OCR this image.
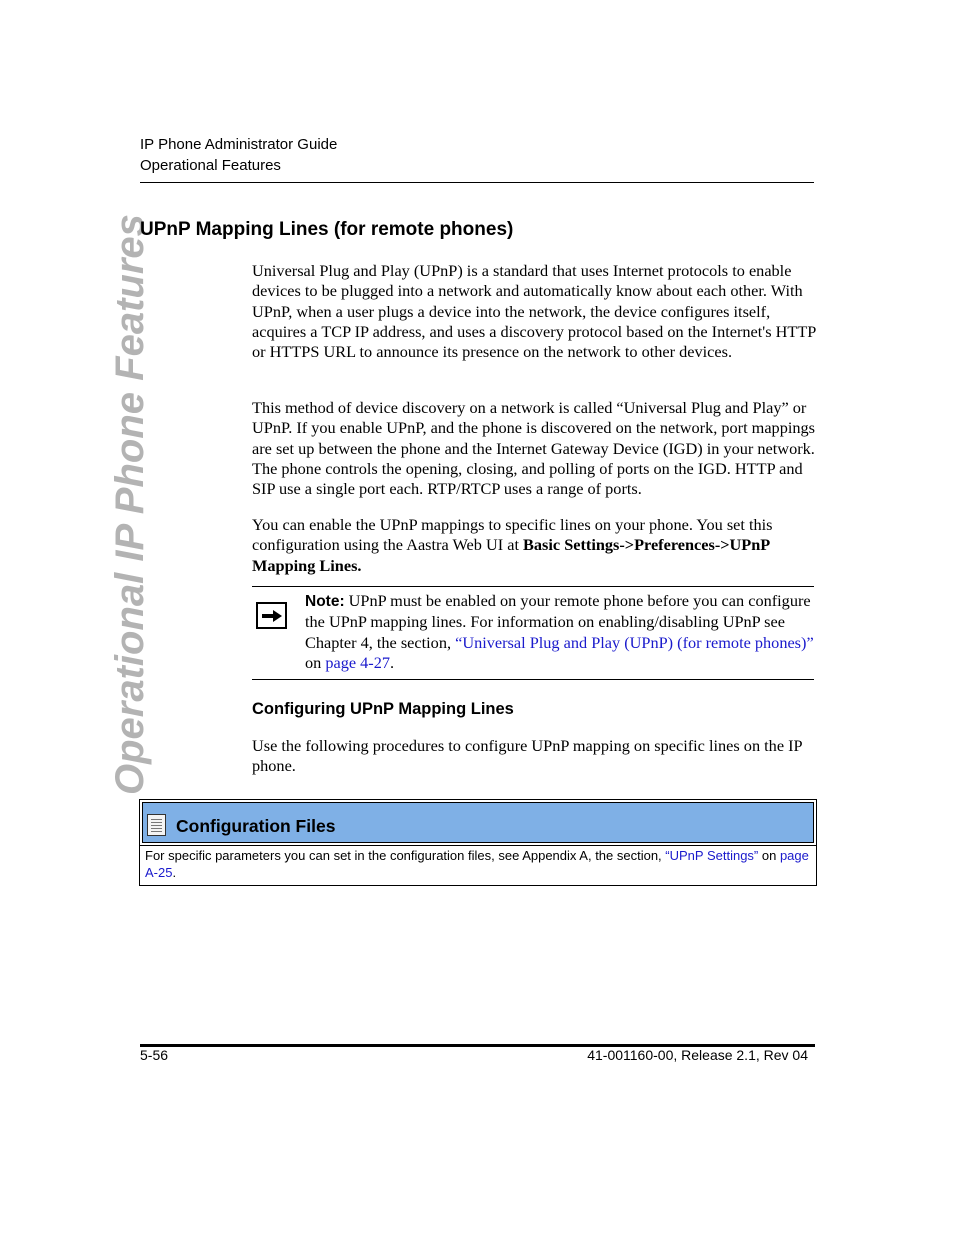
IP Phone Administrator Guide
Operational Features
Operational IP Phone Features
UPnP Mapping Lines (for remote phones)
Universal Plug and Play (UPnP) is a standard that uses Internet protocols to enable devices to be plugged into a network and automatically know about each other. With UPnP, when a user plugs a device into the network, the device configures itself, acquires a TCP IP address, and uses a discovery protocol based on the Internet's HTTP or HTTPS URL to announce its presence on the network to other devices.
This method of device discovery on a network is called “Universal Plug and Play” or UPnP. If you enable UPnP, and the phone is discovered on the network, port mappings are set up between the phone and the Internet Gateway Device (IGD) in your network. The phone controls the opening, closing, and polling of ports on the IGD. HTTP and SIP use a single port each. RTP/RTCP uses a range of ports.
You can enable the UPnP mappings to specific lines on your phone. You set this configuration using the Aastra Web UI at Basic Settings->Preferences->UPnP Mapping Lines.
Note: UPnP must be enabled on your remote phone before you can configure the UPnP mapping lines. For information on enabling/disabling UPnP see Chapter 4, the section, “Universal Plug and Play (UPnP) (for remote phones)” on page 4-27.
Configuring UPnP Mapping Lines
Use the following procedures to configure UPnP mapping on specific lines on the IP phone.
Configuration Files
For specific parameters you can set in the configuration files, see Appendix A, the section, “UPnP Settings” on page A-25.
5-56	41-001160-00, Release 2.1, Rev 04
